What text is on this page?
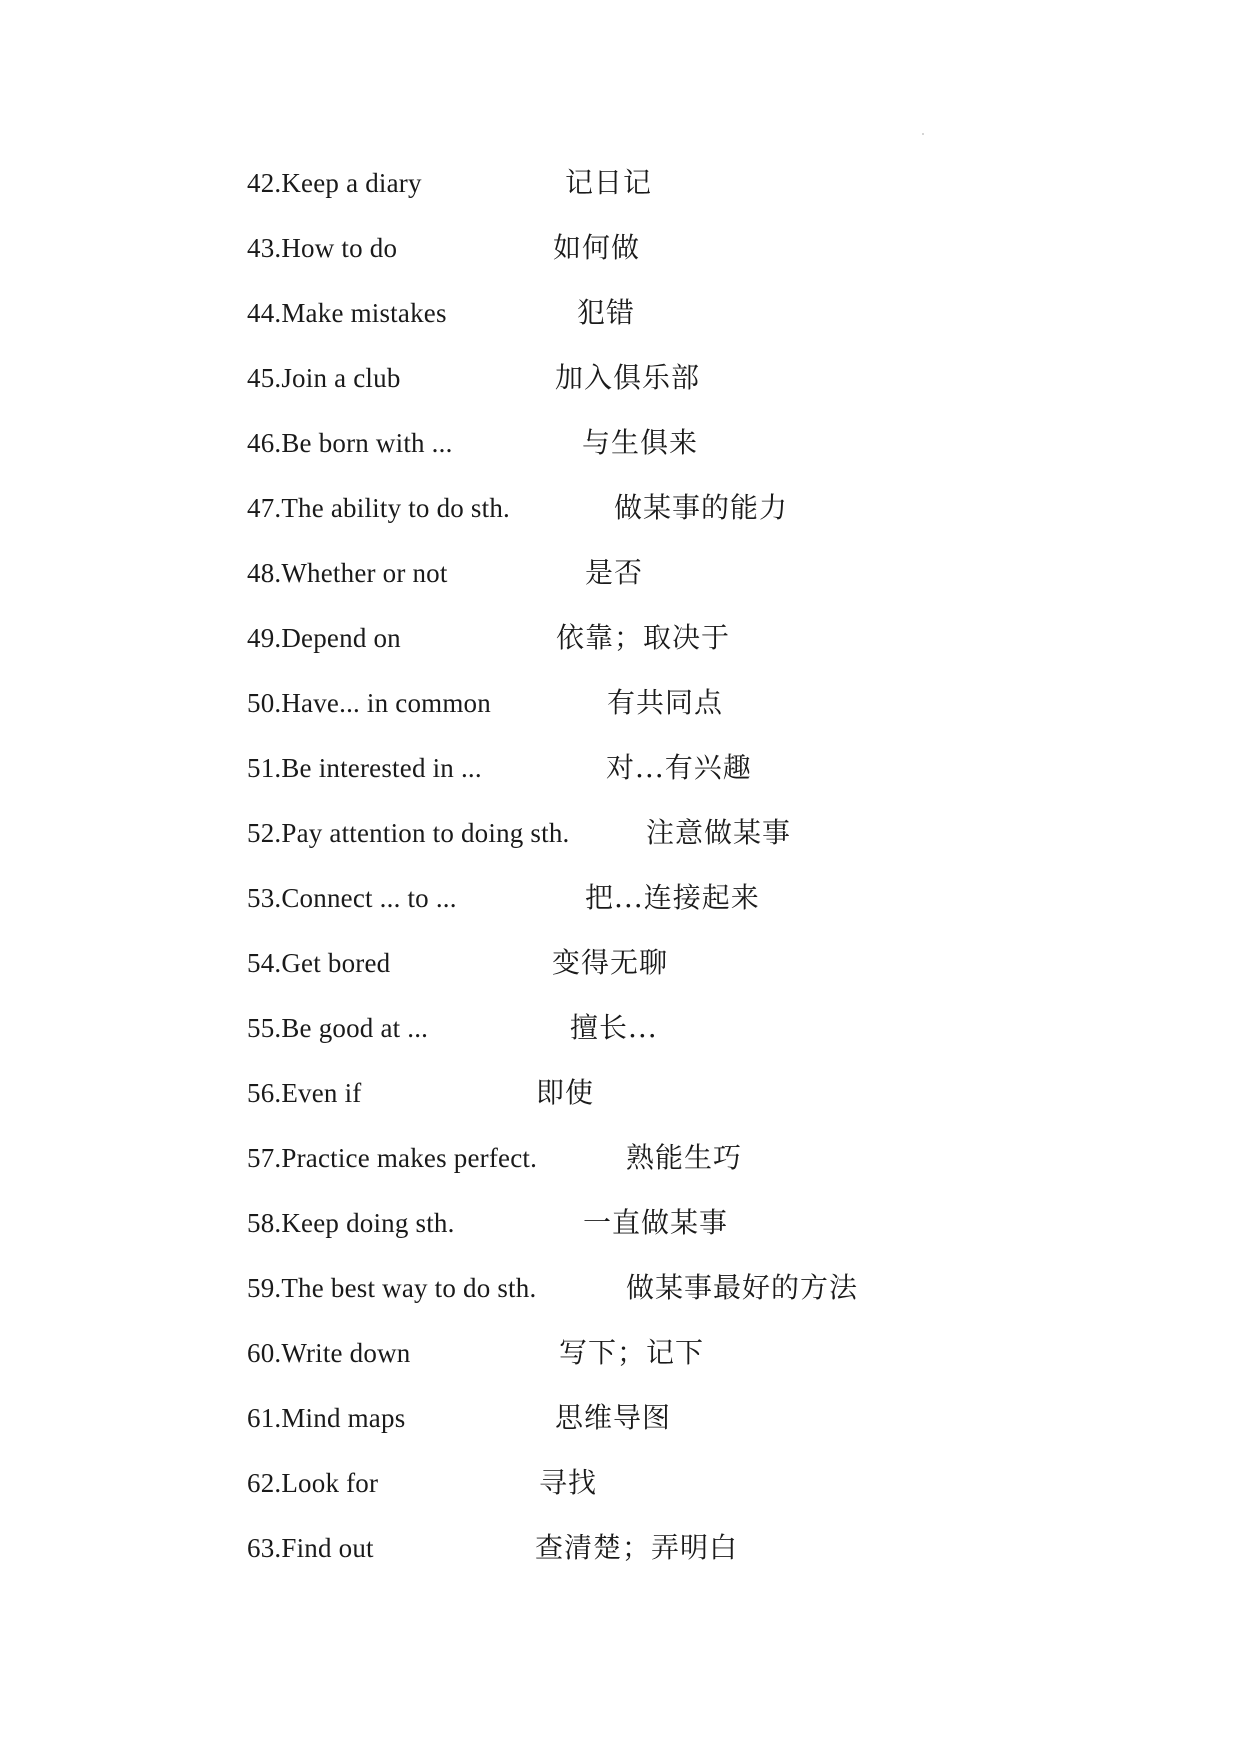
42.Keep a diary	记日记
43.How to do	如何做
44.Make mistakes	犯错
45.Join a club	加入俱乐部
46.Be born with ...	与生俱来
47.The ability to do sth.	做某事的能力
48.Whether or not	是否
49.Depend on	依靠；取决于
50.Have... in common	有共同点
51.Be interested in ...	对...有兴趣
52.Pay attention to doing sth.	注意做某事
53.Connect ... to ...	把...连接起来
54.Get bored	变得无聊
55.Be good at ...	擅长...
56.Even if	即使
57.Practice makes perfect.	熟能生巧
58.Keep doing sth.	一直做某事
59.The best way to do sth.	做某事最好的方法
60.Write down	写下；记下
61.Mind maps	思维导图
62.Look for	寻找
63.Find out	查清楚；弄明白
